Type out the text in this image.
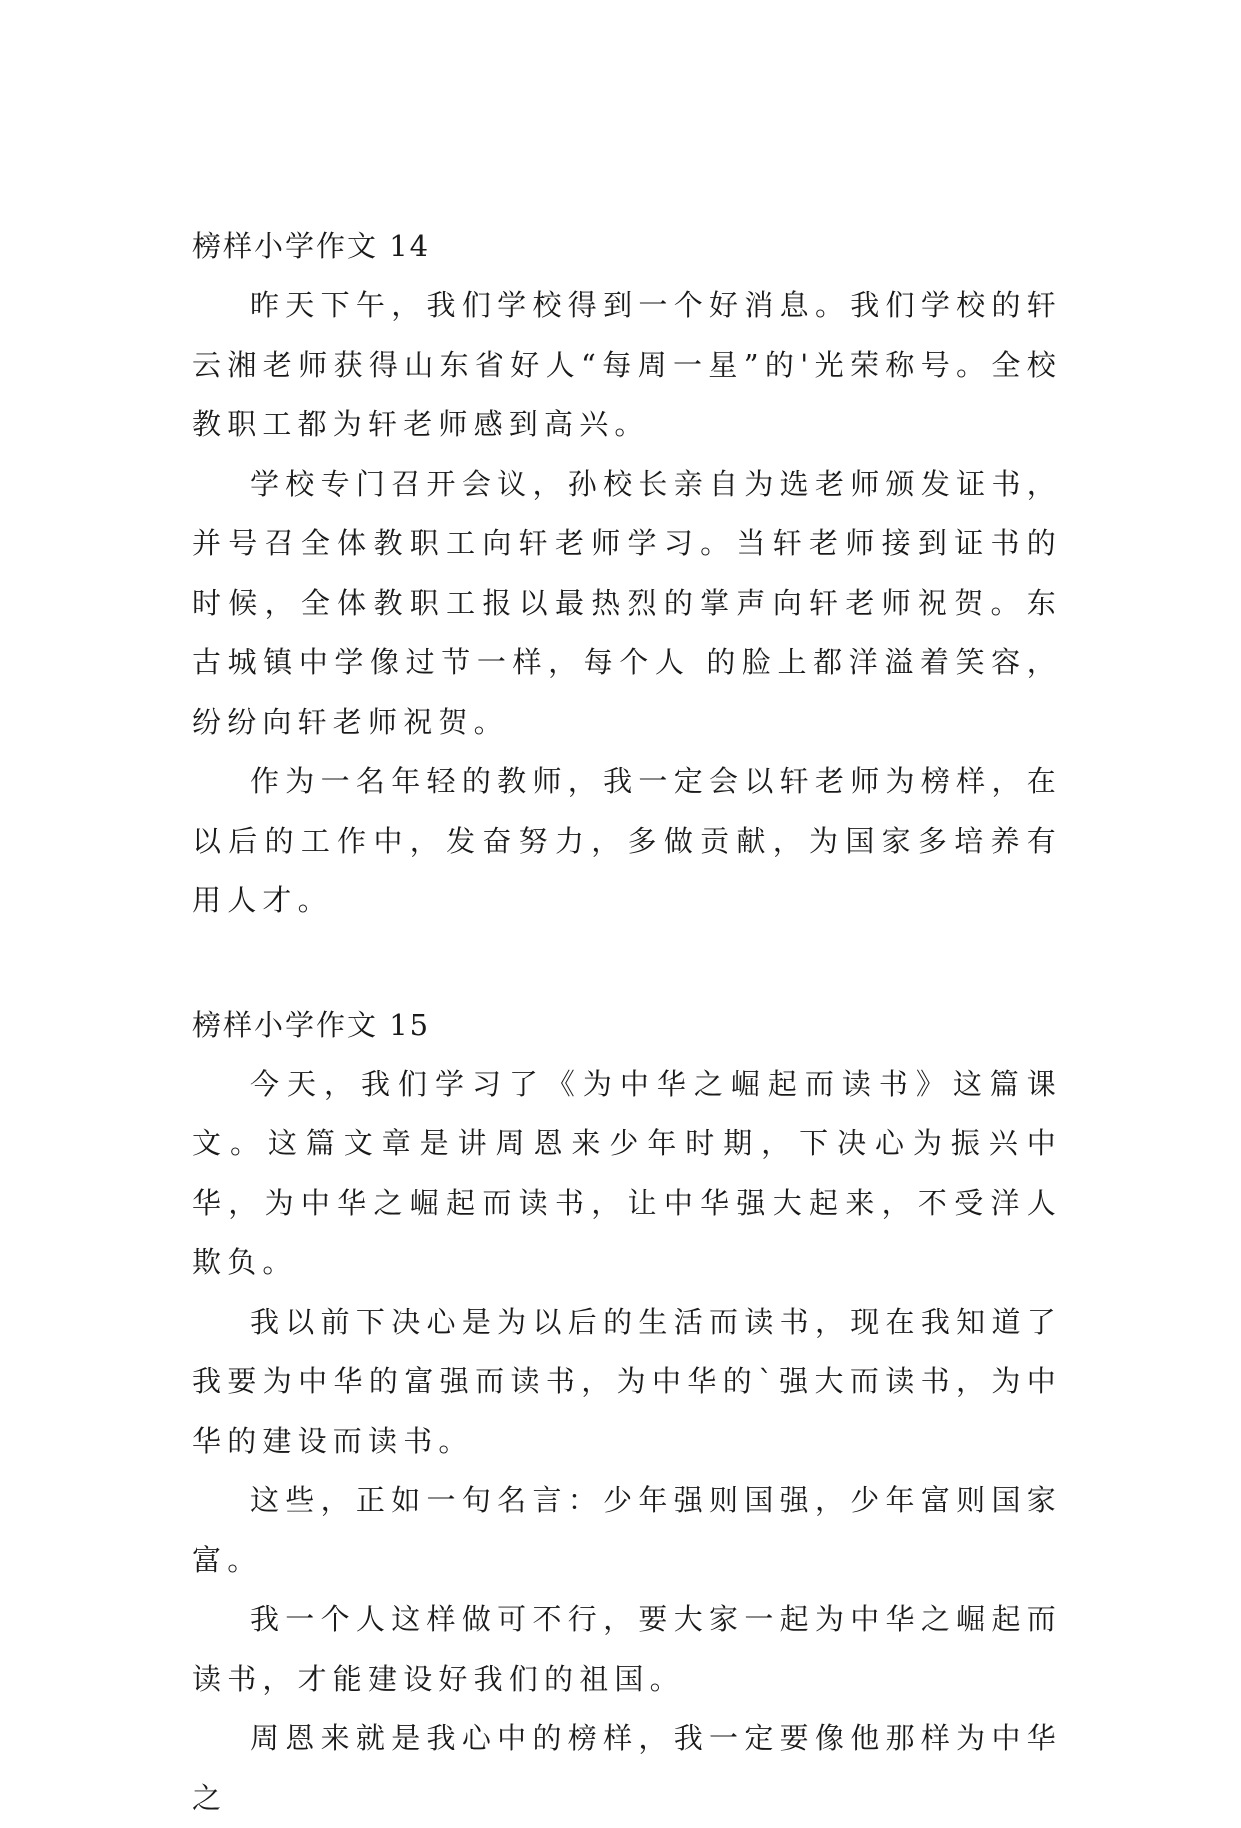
榜样小学作文 14

昨天下午，我们学校得到一个好消息。我们学校的轩云湘老师获得山东省好人“每周一星”的'光荣称号。全校教职工都为轩老师感到高兴。

学校专门召开会议，孙校长亲自为选老师颁发证书，并号召全体教职工向轩老师学习。当轩老师接到证书的时候，全体教职工报以最热烈的掌声向轩老师祝贺。东古城镇中学像过节一样，每个人 的脸上都洋溢着笑容，纷纷向轩老师祝贺。

作为一名年轻的教师，我一定会以轩老师为榜样，在以后的工作中，发奋努力，多做贡献，为国家多培养有用人才。

榜样小学作文 15

今天，我们学习了《为中华之崛起而读书》这篇课文。这篇文章是讲周恩来少年时期，下决心为振兴中华，为中华之崛起而读书，让中华强大起来，不受洋人欺负。

我以前下决心是为以后的生活而读书，现在我知道了我要为中华的富强而读书，为中华的`强大而读书，为中华的建设而读书。

这些，正如一句名言：少年强则国强，少年富则国家富。

我一个人这样做可不行，要大家一起为中华之崛起而读书，才能建设好我们的祖国。

周恩来就是我心中的榜样，我一定要像他那样为中华之
